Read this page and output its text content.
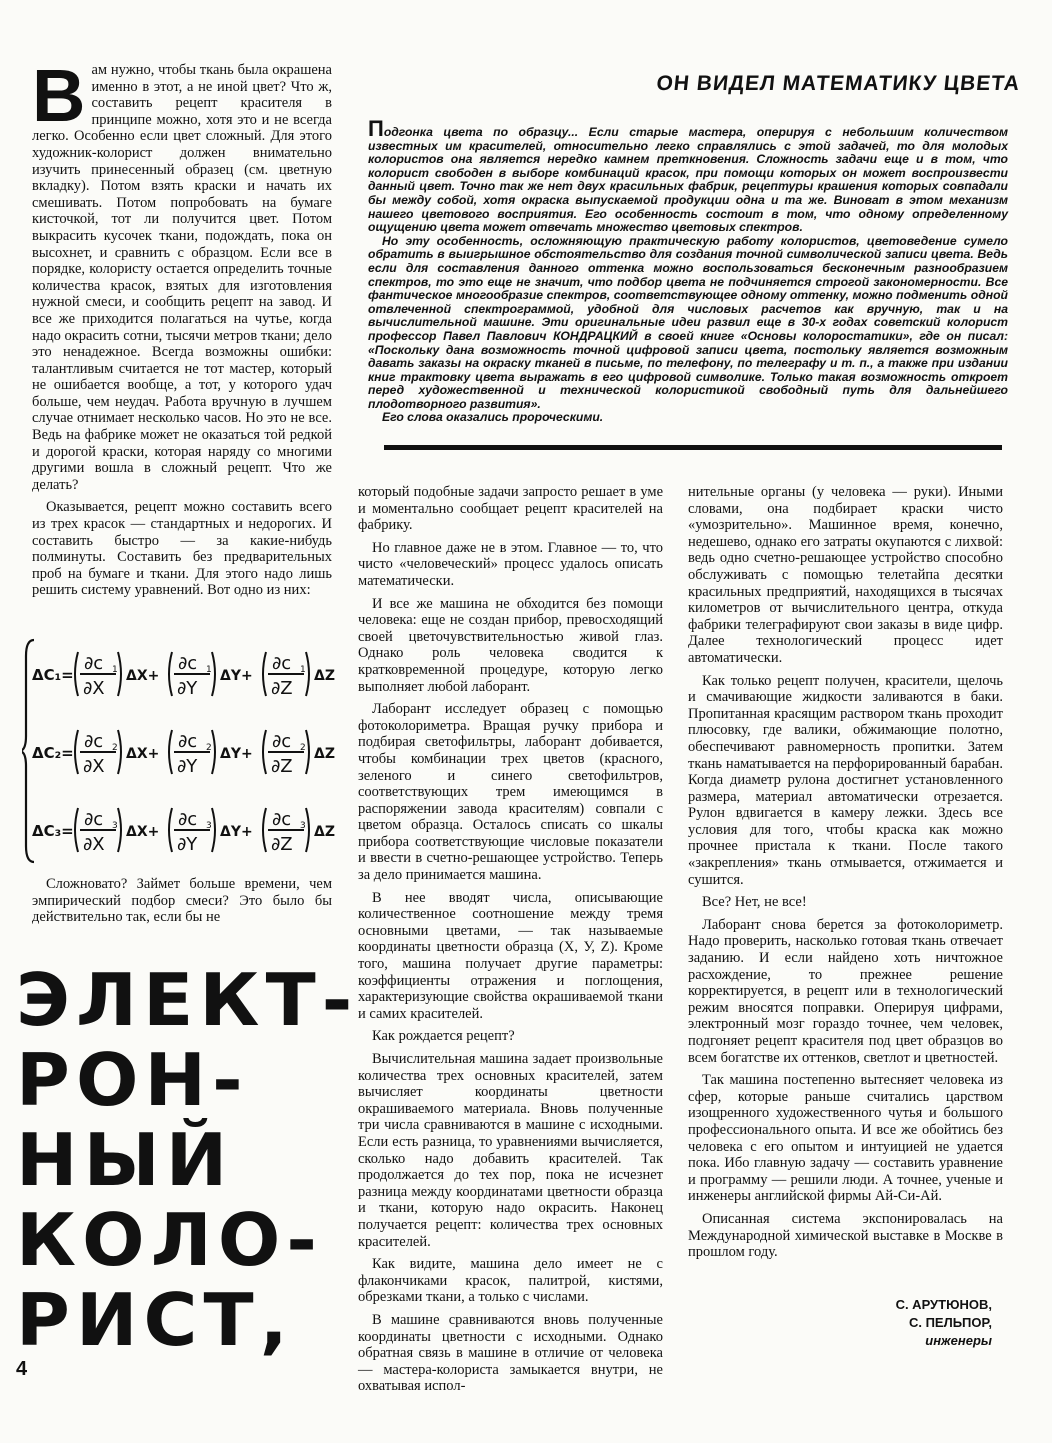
ОН ВИДЕЛ МАТЕМАТИКУ ЦВЕТА

Подгонка цвета по образцу... Если старые мастера, оперируя с небольшим количеством известных им красителей, относительно легко справлялись с этой задачей, то для молодых колористов она является нередко камнем преткновения. Сложность задачи еще и в том, что колорист свободен в выборе комбинаций красок, при помощи которых он может воспроизвести данный цвет. Точно так же нет двух красильных фабрик, рецептуры крашения которых совпадали бы между собой, хотя окраска выпускаемой продукции одна и та же. Виноват в этом механизм нашего цветового восприятия. Его особенность состоит в том, что одному определенному ощущению цвета может отвечать множество цветовых спектров.

Но эту особенность, осложняющую практическую работу колористов, цветоведение сумело обратить в выигрышное обстоятельство для создания точной символической записи цвета. Ведь если для составления данного оттенка можно воспользоваться бесконечным разнообразием спектров, то это еще не значит, что подбор цвета не подчиняется строгой закономерности. Все фантическое многообразие спектров, соответствующее одному оттенку, можно подменить одной отвлеченной спектрограммой, удобной для числовых расчетов как вручную, так и на вычислительной машине. Эти оригинальные идеи развил еще в 30-х годах советский колорист профессор Павел Павлович КОНДРАЦКИЙ в своей книге «Основы колоростатики», где он писал: «Поскольку дана возможность точной цифровой записи цвета, постольку является возможным давать заказы на окраску тканей в письме, по телефону, по телеграфу и т. п., а также при издании книг трактовку цвета выражать в его цифровой символике. Только такая возможность откроет перед художественной и технической колористикой свободный путь для дальнейшего плодотворного развития».

Его слова оказались пророческими.

Вам нужно, чтобы ткань была окрашена именно в этот, а не иной цвет? Что ж, составить рецепт красителя в принципе можно, хотя это и не всегда легко. Особенно если цвет сложный. Для этого художник-колорист должен внимательно изучить принесенный образец (см. цветную вкладку). Потом взять краски и начать их смешивать. Потом попробовать на бумаге кисточкой, тот ли получится цвет. Потом выкрасить кусочек ткани, подождать, пока он высохнет, и сравнить с образцом. Если все в порядке, колористу остается определить точные количества красок, взятых для изготовления нужной смеси, и сообщить рецепт на завод. И все же приходится полагаться на чутье, когда надо окрасить сотни, тысячи метров ткани; дело это ненадежное. Всегда возможны ошибки: талантливым считается не тот мастер, который не ошибается вообще, а тот, у которого удач больше, чем неудач. Работа вручную в лучшем случае отнимает несколько часов. Но это не все. Ведь на фабрике может не оказаться той редкой и дорогой краски, которая наряду со многими другими вошла в сложный рецепт. Что же делать?

Оказывается, рецепт можно составить всего из трех красок — стандартных и недорогих. И составить быстро — за какие-нибудь полминуты. Составить без предварительных проб на бумаге и ткани. Для этого надо лишь решить систему уравнений. Вот одно из них:

ΔC₁=
∂c 1
∂X
ΔX+
∂c 1
∂Y
ΔY+
∂c 1
∂Z
ΔZ
ΔC₂=
∂c 2
∂X
ΔX+
∂c 2
∂Y
ΔY+
∂c 2
∂Z
ΔZ
ΔC₃=
∂c 3
∂X
ΔX+
∂c 3
∂Y
ΔY+
∂c 3
∂Z
ΔZ

Сложновато? Займет больше времени, чем эмпирический подбор смеси? Это было бы действительно так, если бы не

ЭЛЕКТ-
РОН-
НЫЙ
КОЛО-
РИСТ,

который подобные задачи запросто решает в уме и моментально сообщает рецепт красителей на фабрику.

Но главное даже не в этом. Главное — то, что чисто «человеческий» процесс удалось описать математически.

И все же машина не обходится без помощи человека: еще не создан прибор, превосходящий своей цветочувствительностью живой глаз. Однако роль человека сводится к кратковременной процедуре, которую легко выполняет любой лаборант.

Лаборант исследует образец с помощью фотоколориметра. Вращая ручку прибора и подбирая светофильтры, лаборант добивается, чтобы комбинации трех цветов (красного, зеленого и синего светофильтров, соответствующих трем имеющимся в распоряжении завода красителям) совпали с цветом образца. Осталось списать со шкалы прибора соответствующие числовые показатели и ввести в счетно-решающее устройство. Теперь за дело принимается машина.

В нее вводят числа, описывающие количественное соотношение между тремя основными цветами, — так называемые координаты цветности образца (X, У, Z). Кроме того, машина получает другие параметры: коэффициенты отражения и поглощения, характеризующие свойства окрашиваемой ткани и самих красителей.

Как рождается рецепт?

Вычислительная машина задает произвольные количества трех основных красителей, затем вычисляет координаты цветности окрашиваемого материала. Вновь полученные три числа сравниваются в машине с исходными. Если есть разница, то уравнениями вычисляется, сколько надо добавить красителей. Так продолжается до тех пор, пока не исчезнет разница между координатами цветности образца и ткани, которую надо окрасить. Наконец получается рецепт: количества трех основных красителей.

Как видите, машина дело имеет не с флакончиками красок, палитрой, кистями, обрезками ткани, а только с числами.

В машине сравниваются вновь полученные координаты цветности с исходными. Однако обратная связь в машине в отличие от человека — мастера-колориста замыкается внутри, не охватывая испол-

нительные органы (у человека — руки). Иными словами, она подбирает краски чисто «умозрительно». Машинное время, конечно, недешево, однако его затраты окупаются с лихвой: ведь одно счетно-решающее устройство способно обслуживать с помощью телетайпа десятки красильных предприятий, находящихся в тысячах километров от вычислительного центра, откуда фабрики телеграфируют свои заказы в виде цифр. Далее технологический процесс идет автоматически.

Как только рецепт получен, красители, щелочь и смачивающие жидкости заливаются в баки. Пропитанная красящим раствором ткань проходит плюсовку, где валики, обжимающие полотно, обеспечивают равномерность пропитки. Затем ткань наматывается на перфорированный барабан. Когда диаметр рулона достигнет установленного размера, материал автоматически отрезается. Рулон вдвигается в камеру лежки. Здесь все условия для того, чтобы краска как можно прочнее пристала к ткани. После такого «закрепления» ткань отмывается, отжимается и сушится.

Все? Нет, не все!

Лаборант снова берется за фотоколориметр. Надо проверить, насколько готовая ткань отвечает заданию. И если найдено хоть ничтожное расхождение, то прежнее решение корректируется, в рецепт или в технологический режим вносятся поправки. Оперируя цифрами, электронный мозг гораздо точнее, чем человек, подгоняет рецепт красителя под цвет образцов во всем богатстве их оттенков, светлот и цветностей.

Так машина постепенно вытесняет человека из сфер, которые раньше считались царством изощренного художественного чутья и большого профессионального опыта. И все же обойтись без человека с его опытом и интуицией не удается пока. Ибо главную задачу — составить уравнение и программу — решили люди. А точнее, ученые и инженеры английской фирмы Ай-Си-Ай.

Описанная система экспонировалась на Международной химической выставке в Москве в прошлом году.

С. АРУТЮНОВ,
С. ПЕЛЬПОР,
инженеры
4
